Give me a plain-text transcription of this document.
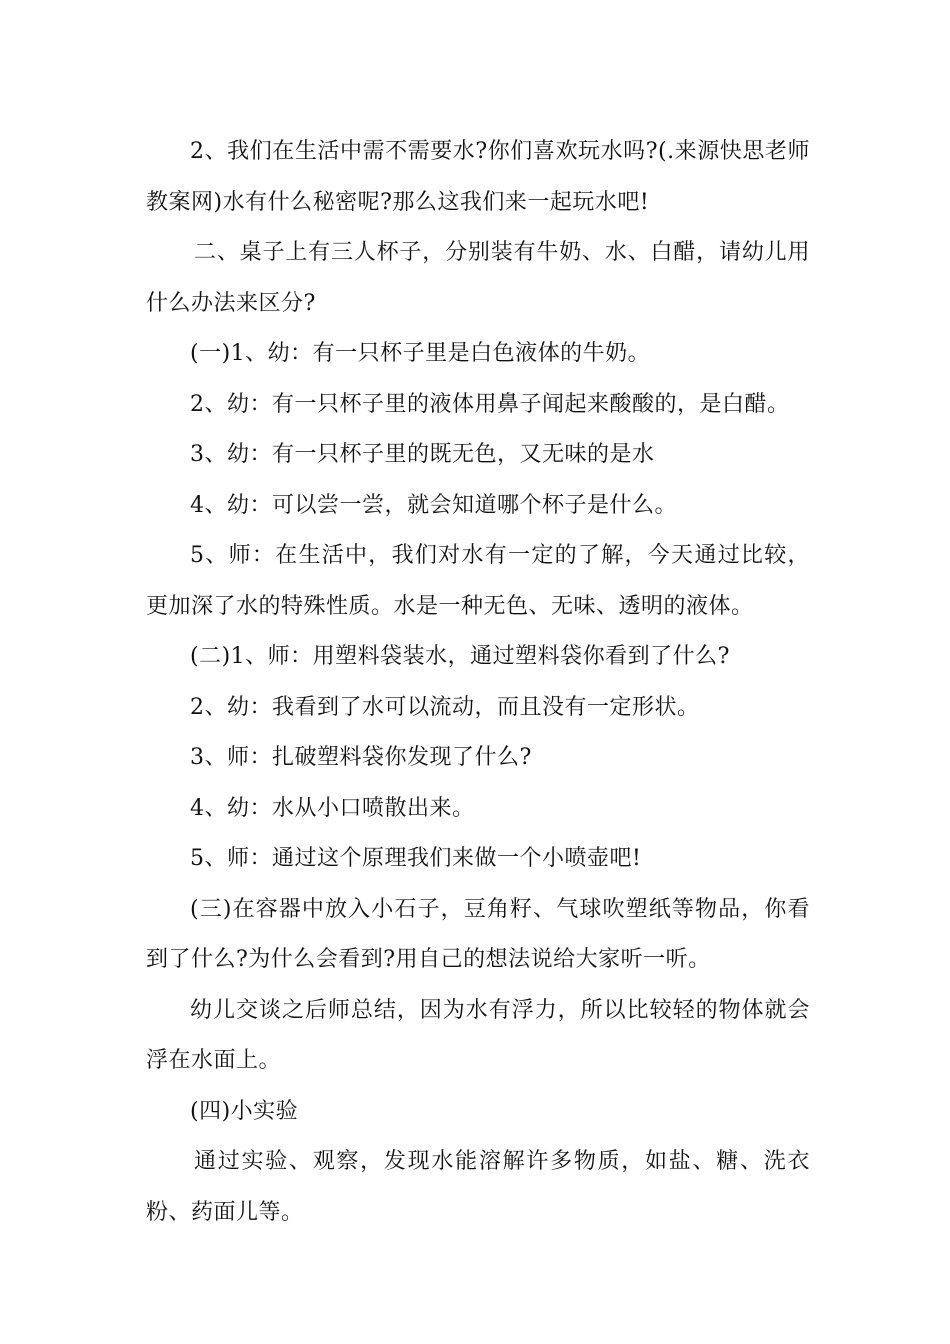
2、我们在生活中需不需要水?你们喜欢玩水吗?(.来源快思老师教案网)水有什么秘密呢?那么这我们来一起玩水吧!

二、桌子上有三人杯子，分别装有牛奶、水、白醋，请幼儿用什么办法来区分?

(一)1、幼：有一只杯子里是白色液体的牛奶。

2、幼：有一只杯子里的液体用鼻子闻起来酸酸的，是白醋。

3、幼：有一只杯子里的既无色，又无味的是水

4、幼：可以尝一尝，就会知道哪个杯子是什么。

5、师：在生活中，我们对水有一定的了解，今天通过比较，更加深了水的特殊性质。水是一种无色、无味、透明的液体。

(二)1、师：用塑料袋装水，通过塑料袋你看到了什么?

2、幼：我看到了水可以流动，而且没有一定形状。

3、师：扎破塑料袋你发现了什么?

4、幼：水从小口喷散出来。

5、师：通过这个原理我们来做一个小喷壶吧!

(三)在容器中放入小石子，豆角籽、气球吹塑纸等物品，你看到了什么?为什么会看到?用自己的想法说给大家听一听。

幼儿交谈之后师总结，因为水有浮力，所以比较轻的物体就会浮在水面上。

(四)小实验

通过实验、观察，发现水能溶解许多物质，如盐、糖、洗衣粉、药面儿等。
